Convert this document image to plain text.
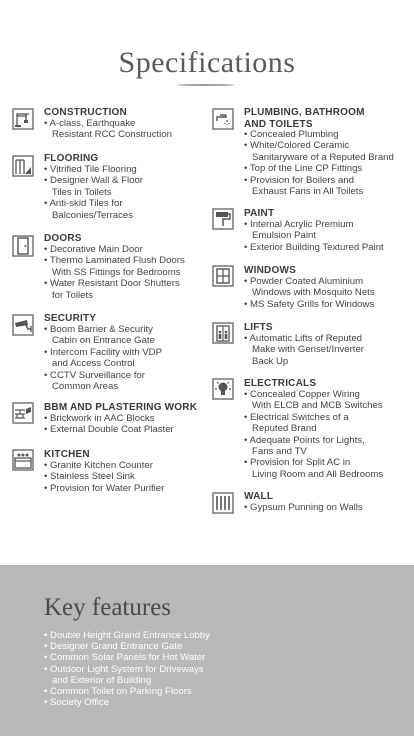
Specifications
CONSTRUCTION
• A-class, Earthquake
Resistant RCC Construction
FLOORING
• Vitrified Tile Flooring
• Designer Wall & Floor
Tiles in Toilets
• Anti-skid Tiles for
Balconies/Terraces
DOORS
• Decorative Main Door
• Thermo Laminated Flush Doors
With SS Fittings for Bedrooms
• Water Resistant Door Shutters
for Toilets
SECURITY
• Boom Barrier & Security
Cabin on Entrance Gate
• Intercom Facility with VDP
and Access Control
• CCTV Surveillance for
Common Areas
BBM AND PLASTERING WORK
• Brickwork in AAC Blocks
• External Double Coat Plaster
KITCHEN
• Granite Kitchen Counter
• Stainless Steel Sink
• Provision for Water Purifier
PLUMBING, BATHROOM
AND TOILETS
• Concealed Plumbing
• White/Colored Ceramic
Sanitaryware of a Reputed Brand
• Top of the Line CP Fittings
• Provision for Boilers and
Exhaust Fans in All Toilets
PAINT
• Internal Acrylic Premium
Emulsion Paint
• Exterior Building Textured Paint
WINDOWS
• Powder Coated Aluminium
Windows with Mosquito Nets
• MS Safety Grills for Windows
LIFTS
• Automatic Lifts of Reputed
Make with Genset/Inverter
Back Up
ELECTRICALS
• Concealed Copper Wiring
With ELCB and MCB Switches
• Electrical Switches of a
Reputed Brand
• Adequate Points for Lights,
Fans and TV
• Provision for Split AC in
Living Room and All Bedrooms
WALL
• Gypsum Punning on Walls
Key features
• Double Height Grand Entrance Lobby
• Designer Grand Entrance Gate
• Common Solar Panels for Hot Water
• Outdoor Light System for Driveways
and Exterior of Building
• Common Toilet on Parking Floors
• Society Office
